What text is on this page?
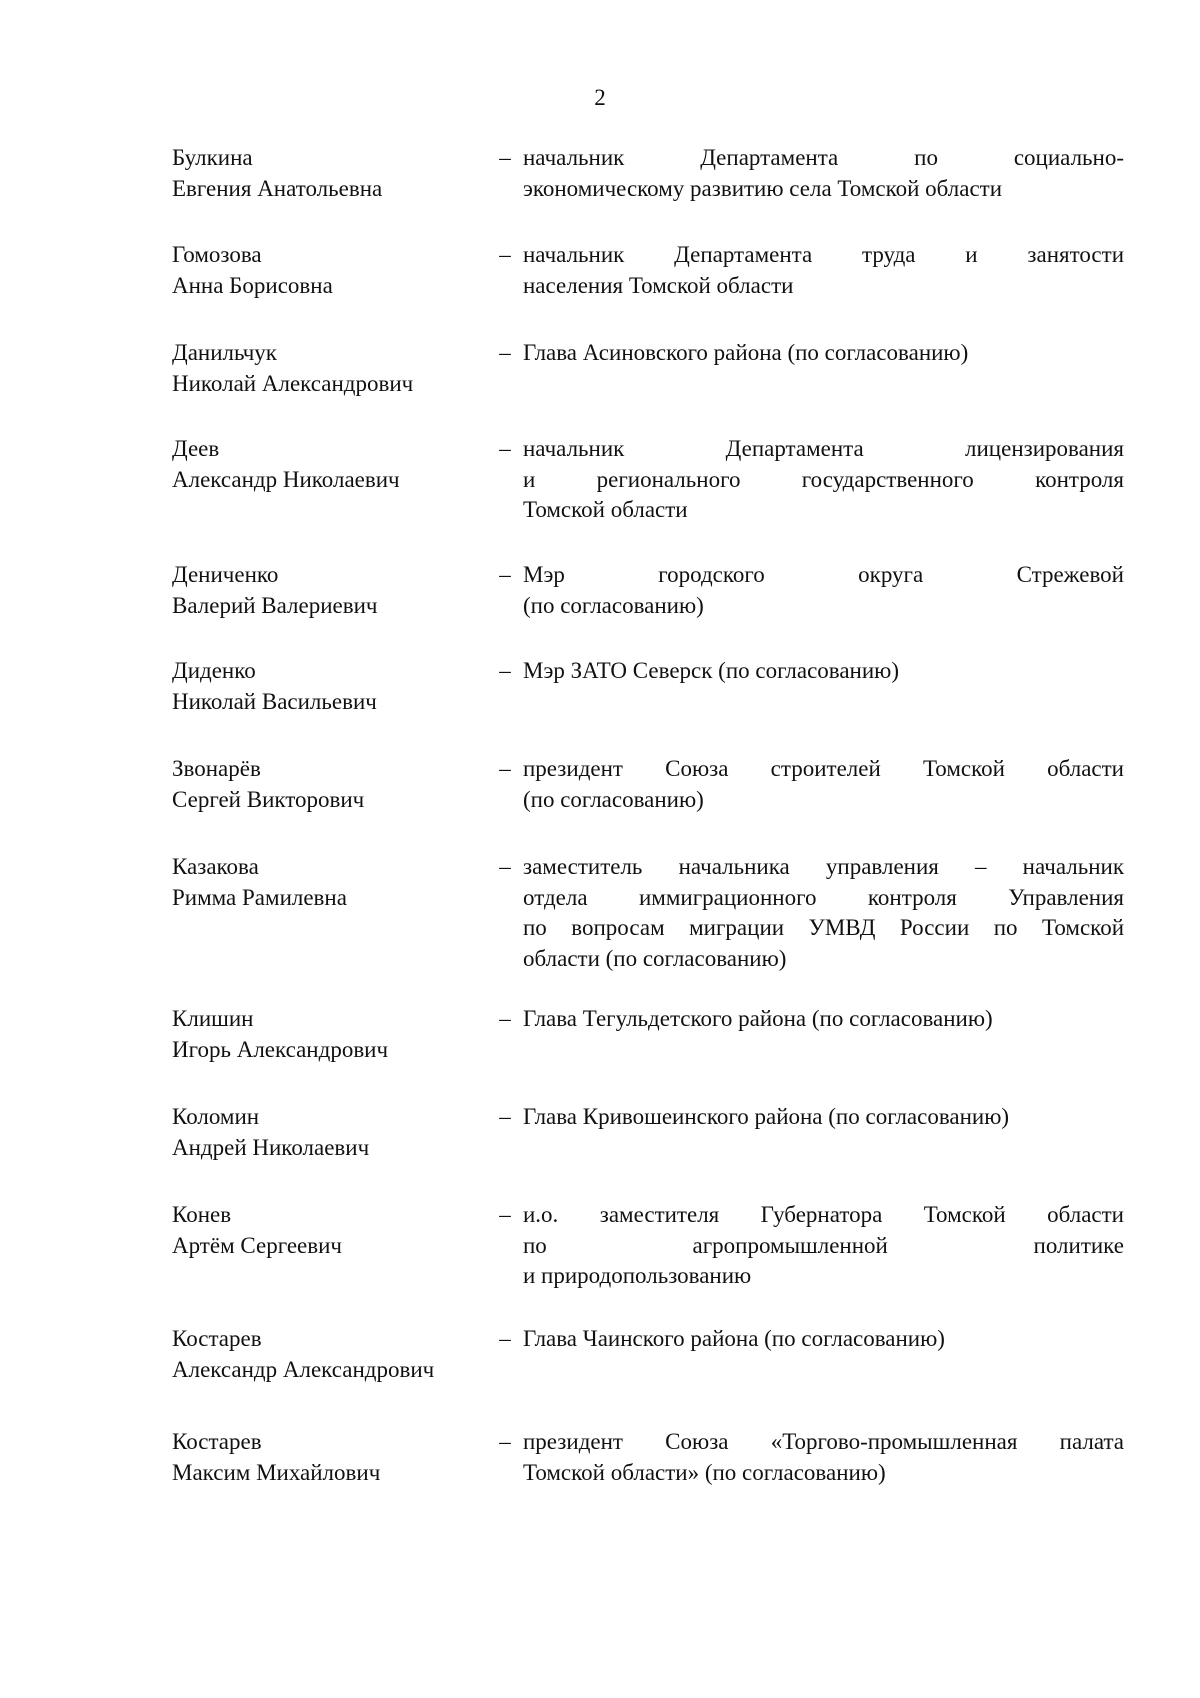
2
Булкина
Евгения Анатольевна
– начальник Департамента по социально-
экономическому развитию села Томской области
Гомозова
Анна Борисовна
– начальник Департамента труда и занятости
населения Томской области
Данильчук
Николай Александрович
– Глава Асиновского района (по согласованию)
Деев
Александр Николаевич
– начальник Департамента лицензирования
и регионального государственного контроля
Томской области
Дениченко
Валерий Валериевич
– Мэр городского округа Стрежевой
(по согласованию)
Диденко
Николай Васильевич
– Мэр ЗАТО Северск (по согласованию)
Звонарёв
Сергей Викторович
– президент Союза строителей Томской области
(по согласованию)
Казакова
Римма Рамилевна
– заместитель начальника управления – начальник
отдела иммиграционного контроля Управления
по вопросам миграции УМВД России по Томской
области (по согласованию)
Клишин
Игорь Александрович
– Глава Тегульдетского района (по согласованию)
Коломин
Андрей Николаевич
– Глава Кривошеинского района (по согласованию)
Конев
Артём Сергеевич
– и.о. заместителя Губернатора Томской области
по агропромышленной политике
и природопользованию
Костарев
Александр Александрович
– Глава Чаинского района (по согласованию)
Костарев
Максим Михайлович
– президент Союза «Торгово-промышленная палата
Томской области» (по согласованию)
